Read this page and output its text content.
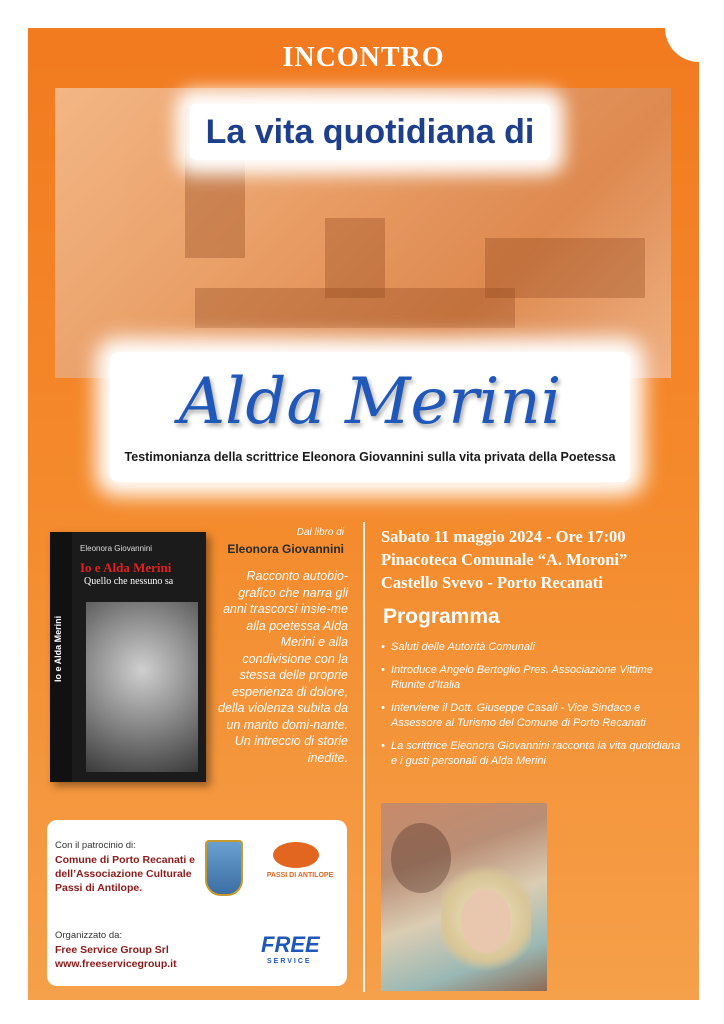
INCONTRO
La vita quotidiana di
Alda Merini
Testimonianza della scrittrice Eleonora Giovannini sulla vita privata della Poetessa
Io e Alda Merini
Eleonora Giovannini
Io e Alda Merini
Quello che nessuno sa
Dal libro di
Eleonora Giovannini
Racconto autobio-grafico che narra gli anni trascorsi insie-me alla poetessa Alda Merini e alla condivisione con la stessa delle proprie esperienza di dolore, della violenza subita da un marito domi-nante. Un intreccio di storie inedite.
Sabato 11 maggio 2024 - Ore 17:00
Pinacoteca Comunale “A. Moroni”
Castello Svevo - Porto Recanati
Programma
• Saluti delle Autorità Comunali
• Introduce Angelo Bertoglio Pres. Associazione Vittime Riunite d’Italia
• Interviene il Dott. Giuseppe Casali - Vice Sindaco e Assessore al Turismo del Comune di Porto Recanati
• La scrittrice Eleonora Giovannini racconta la vita quotidiana e i gusti personali di Alda Merini
Con il patrocinio di:
Comune di Porto Recanati e
dell’Associazione Culturale
Passi di Antilope.
PASSI DI ANTILOPE
Organizzato da:
Free Service Group Srl
www.freeservicegroup.it
FREE
SERVICE
